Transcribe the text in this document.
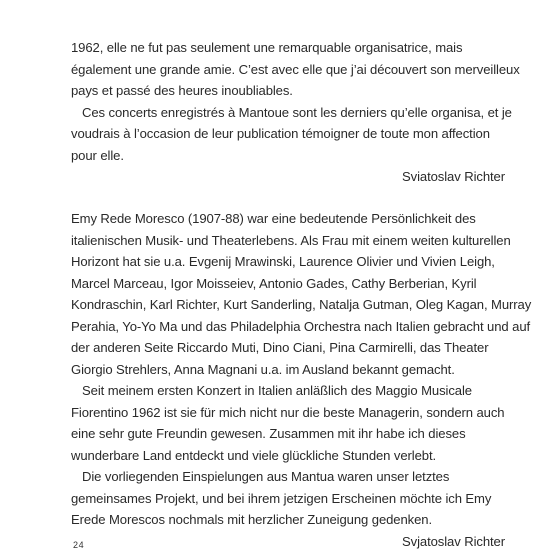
1962, elle ne fut pas seulement une remarquable organisatrice, mais
également une grande amie. C’est avec elle que j’ai découvert son merveilleux
pays et passé des heures inoubliables.
Ces concerts enregistrés à Mantoue sont les derniers qu’elle organisa, et je
voudrais à l’occasion de leur publication témoigner de toute mon affection
pour elle.
Sviatoslav Richter
Emy Rede Moresco (1907-88) war eine bedeutende Persönlichkeit des
italienischen Musik- und Theaterlebens. Als Frau mit einem weiten kulturellen
Horizont hat sie u.a. Evgenij Mrawinski, Laurence Olivier und Vivien Leigh,
Marcel Marceau, Igor Moisseiev, Antonio Gades, Cathy Berberian, Kyril
Kondraschin, Karl Richter, Kurt Sanderling, Natalja Gutman, Oleg Kagan, Murray
Perahia, Yo-Yo Ma und das Philadelphia Orchestra nach Italien gebracht und auf
der anderen Seite Riccardo Muti, Dino Ciani, Pina Carmirelli, das Theater
Giorgio Strehlers, Anna Magnani u.a. im Ausland bekannt gemacht.
Seit meinem ersten Konzert in Italien anläßlich des Maggio Musicale
Fiorentino 1962 ist sie für mich nicht nur die beste Managerin, sondern auch
eine sehr gute Freundin gewesen. Zusammen mit ihr habe ich dieses
wunderbare Land entdeckt und viele glückliche Stunden verlebt.
Die vorliegenden Einspielungen aus Mantua waren unser letztes
gemeinsames Projekt, und bei ihrem jetzigen Erscheinen möchte ich Emy
Erede Morescos nochmals mit herzlicher Zuneigung gedenken.
Svjatoslav Richter
24
